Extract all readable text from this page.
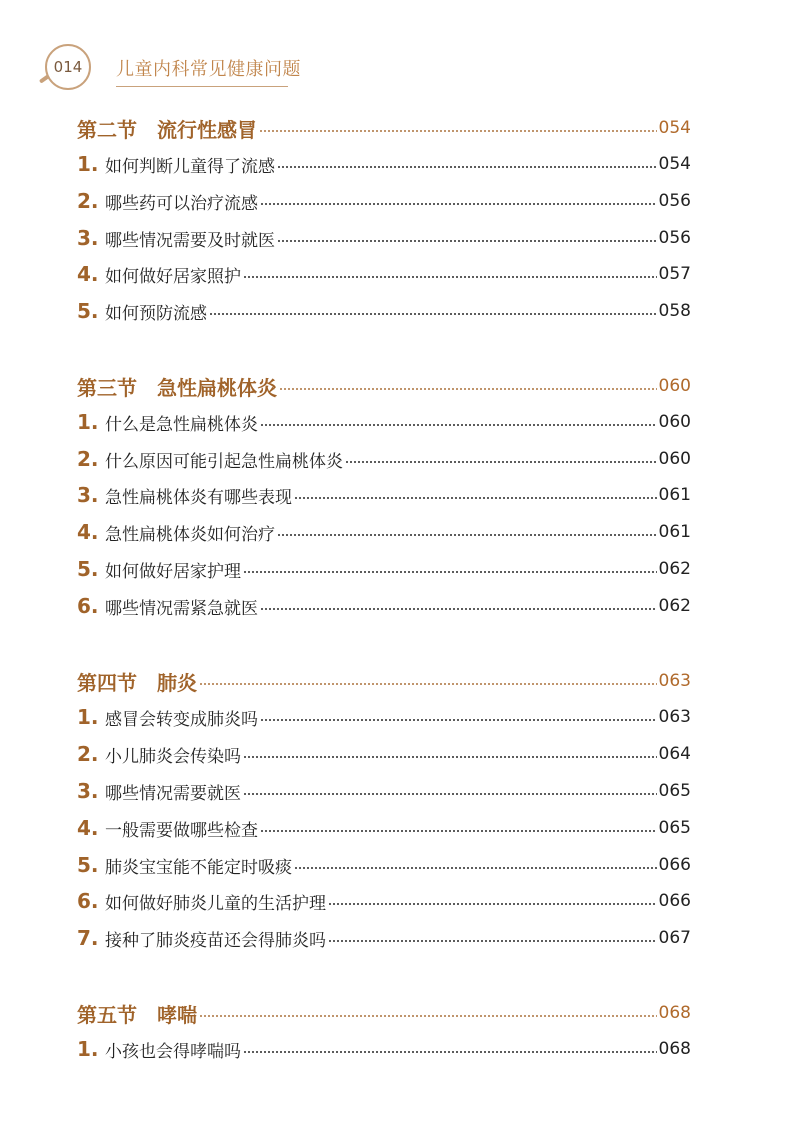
014	儿童内科常见健康问题
第二节　流行性感冒	054
1. 如何判断儿童得了流感	054
2. 哪些药可以治疗流感	056
3. 哪些情况需要及时就医	056
4. 如何做好居家照护	057
5. 如何预防流感	058
第三节　急性扁桃体炎	060
1. 什么是急性扁桃体炎	060
2. 什么原因可能引起急性扁桃体炎	060
3. 急性扁桃体炎有哪些表现	061
4. 急性扁桃体炎如何治疗	061
5. 如何做好居家护理	062
6. 哪些情况需紧急就医	062
第四节　肺炎	063
1. 感冒会转变成肺炎吗	063
2. 小儿肺炎会传染吗	064
3. 哪些情况需要就医	065
4. 一般需要做哪些检查	065
5. 肺炎宝宝能不能定时吸痰	066
6. 如何做好肺炎儿童的生活护理	066
7. 接种了肺炎疫苗还会得肺炎吗	067
第五节　哮喘	068
1. 小孩也会得哮喘吗	068
